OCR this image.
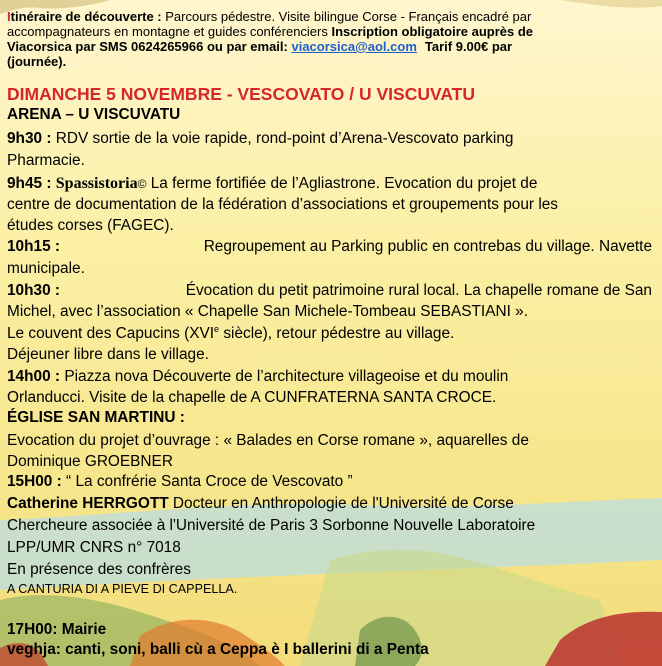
Itinéraire de découverte : Parcours pédestre. Visite bilingue Corse - Français encadré par
accompagnateurs en montagne et guides conférenciers Inscription obligatoire auprès de
Viacorsica par SMS 0624265966 ou par email: viacorsica@aol.com Tarif 9.00€ par
(journée).
DIMANCHE 5 NOVEMBRE - VESCOVATO / U VISCUVATU
ARENA – U VISCUVATU
9h30 : RDV sortie de la voie rapide, rond-point d’Arena-Vescovato parking
Pharmacie.
9h45 : Spassistoria© La ferme fortifiée de l’Agliastrone. Evocation du projet de
centre de documentation de la fédération d’associations et groupements pour les
études corses (FAGEC).
10h15 :	Regroupement au Parking public en contrebas du village. Navette
municipale.
10h30 :	Évocation du petit patrimoine rural local. La chapelle romane de San
Michel, avec l’association « Chapelle San Michele-Tombeau SEBASTIANI ».
Le couvent des Capucins (XVIe siècle), retour pédestre au village.
Déjeuner libre dans le village.
14h00 : Piazza nova Découverte de l’architecture villageoise et du moulin
Orlanducci. Visite de la chapelle de A CUNFRATERNA SANTA CROCE.
ÉGLISE SAN MARTINU :
Evocation du projet d’ouvrage : « Balades en Corse romane », aquarelles de
Dominique GROEBNER
15H00 : “ La confrérie Santa Croce de Vescovato ”
Catherine HERRGOTT Docteur en Anthropologie de l'Université de Corse
Chercheure associée à l'Université de Paris 3 Sorbonne Nouvelle Laboratoire
LPP/UMR CNRS n° 7018
En présence des confrères
A CANTURIA DI A PIEVE DI CAPPELLA.
17H00: Mairie
veghja: canti, soni, balli cù a Ceppa è I ballerini di a Penta
